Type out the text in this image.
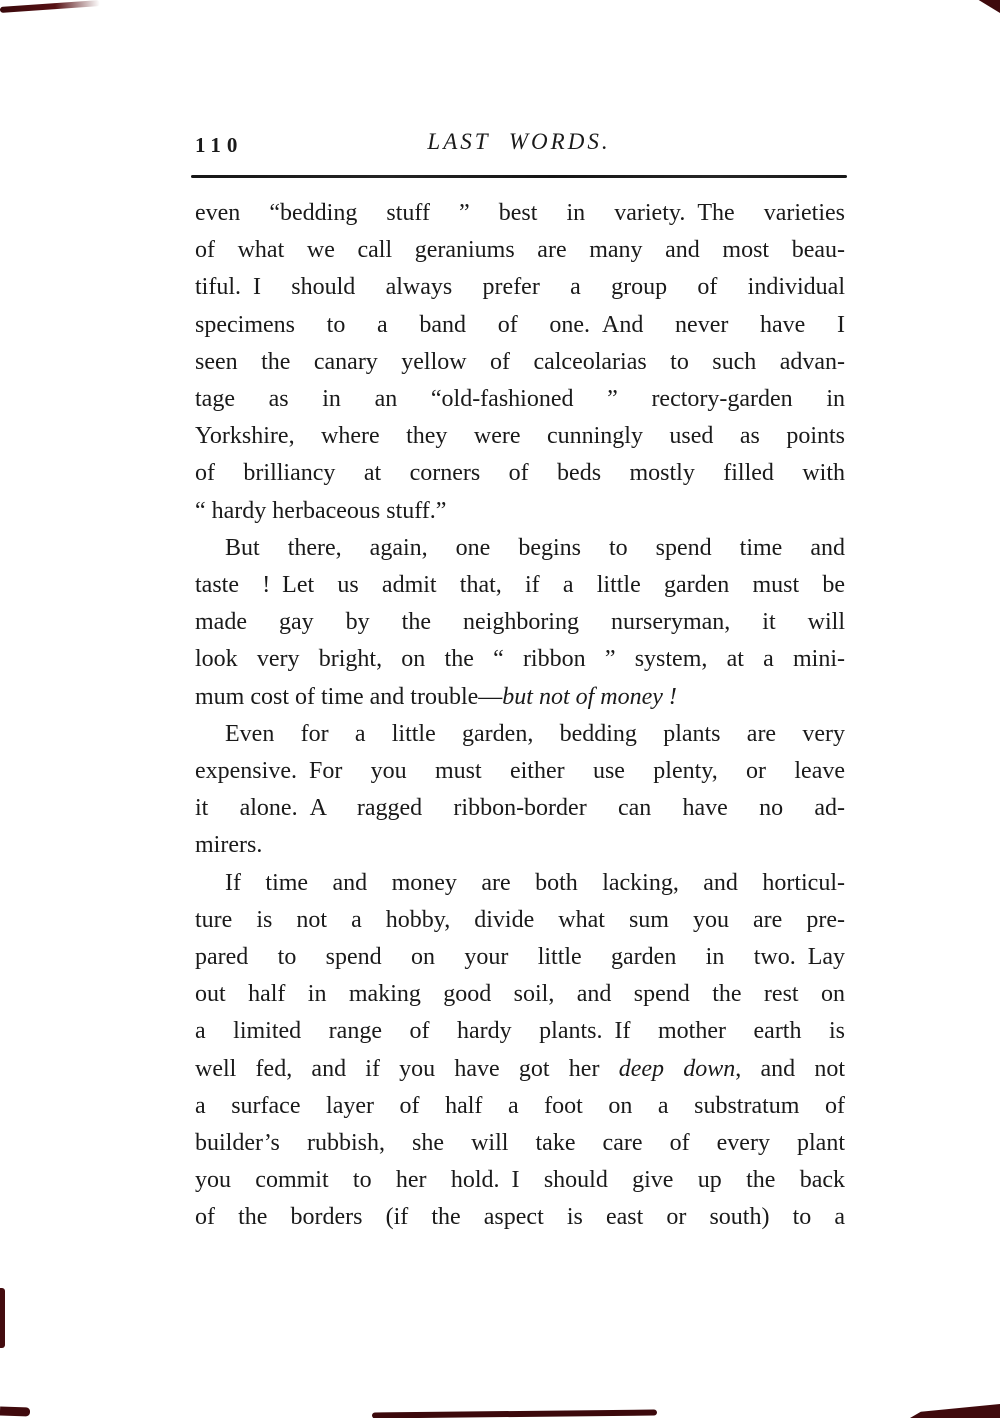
110	LAST WORDS.
even “bedding stuff ” best in variety. The varieties
of what we call geraniums are many and most beau-
tiful. I should always prefer a group of individual
specimens to a band of one. And never have I
seen the canary yellow of calceolarias to such advan-
tage as in an “old-fashioned ” rectory-garden in
Yorkshire, where they were cunningly used as points
of brilliancy at corners of beds mostly filled with
“ hardy herbaceous stuff.”
But there, again, one begins to spend time and
taste ! Let us admit that, if a little garden must be
made gay by the neighboring nurseryman, it will
look very bright, on the “ ribbon ” system, at a mini-
mum cost of time and trouble—but not of money !
Even for a little garden, bedding plants are very
expensive. For you must either use plenty, or leave
it alone. A ragged ribbon-border can have no ad-
mirers.
If time and money are both lacking, and horticul-
ture is not a hobby, divide what sum you are pre-
pared to spend on your little garden in two. Lay
out half in making good soil, and spend the rest on
a limited range of hardy plants. If mother earth is
well fed, and if you have got her deep down, and not
a surface layer of half a foot on a substratum of
builder’s rubbish, she will take care of every plant
you commit to her hold. I should give up the back
of the borders (if the aspect is east or south) to a
